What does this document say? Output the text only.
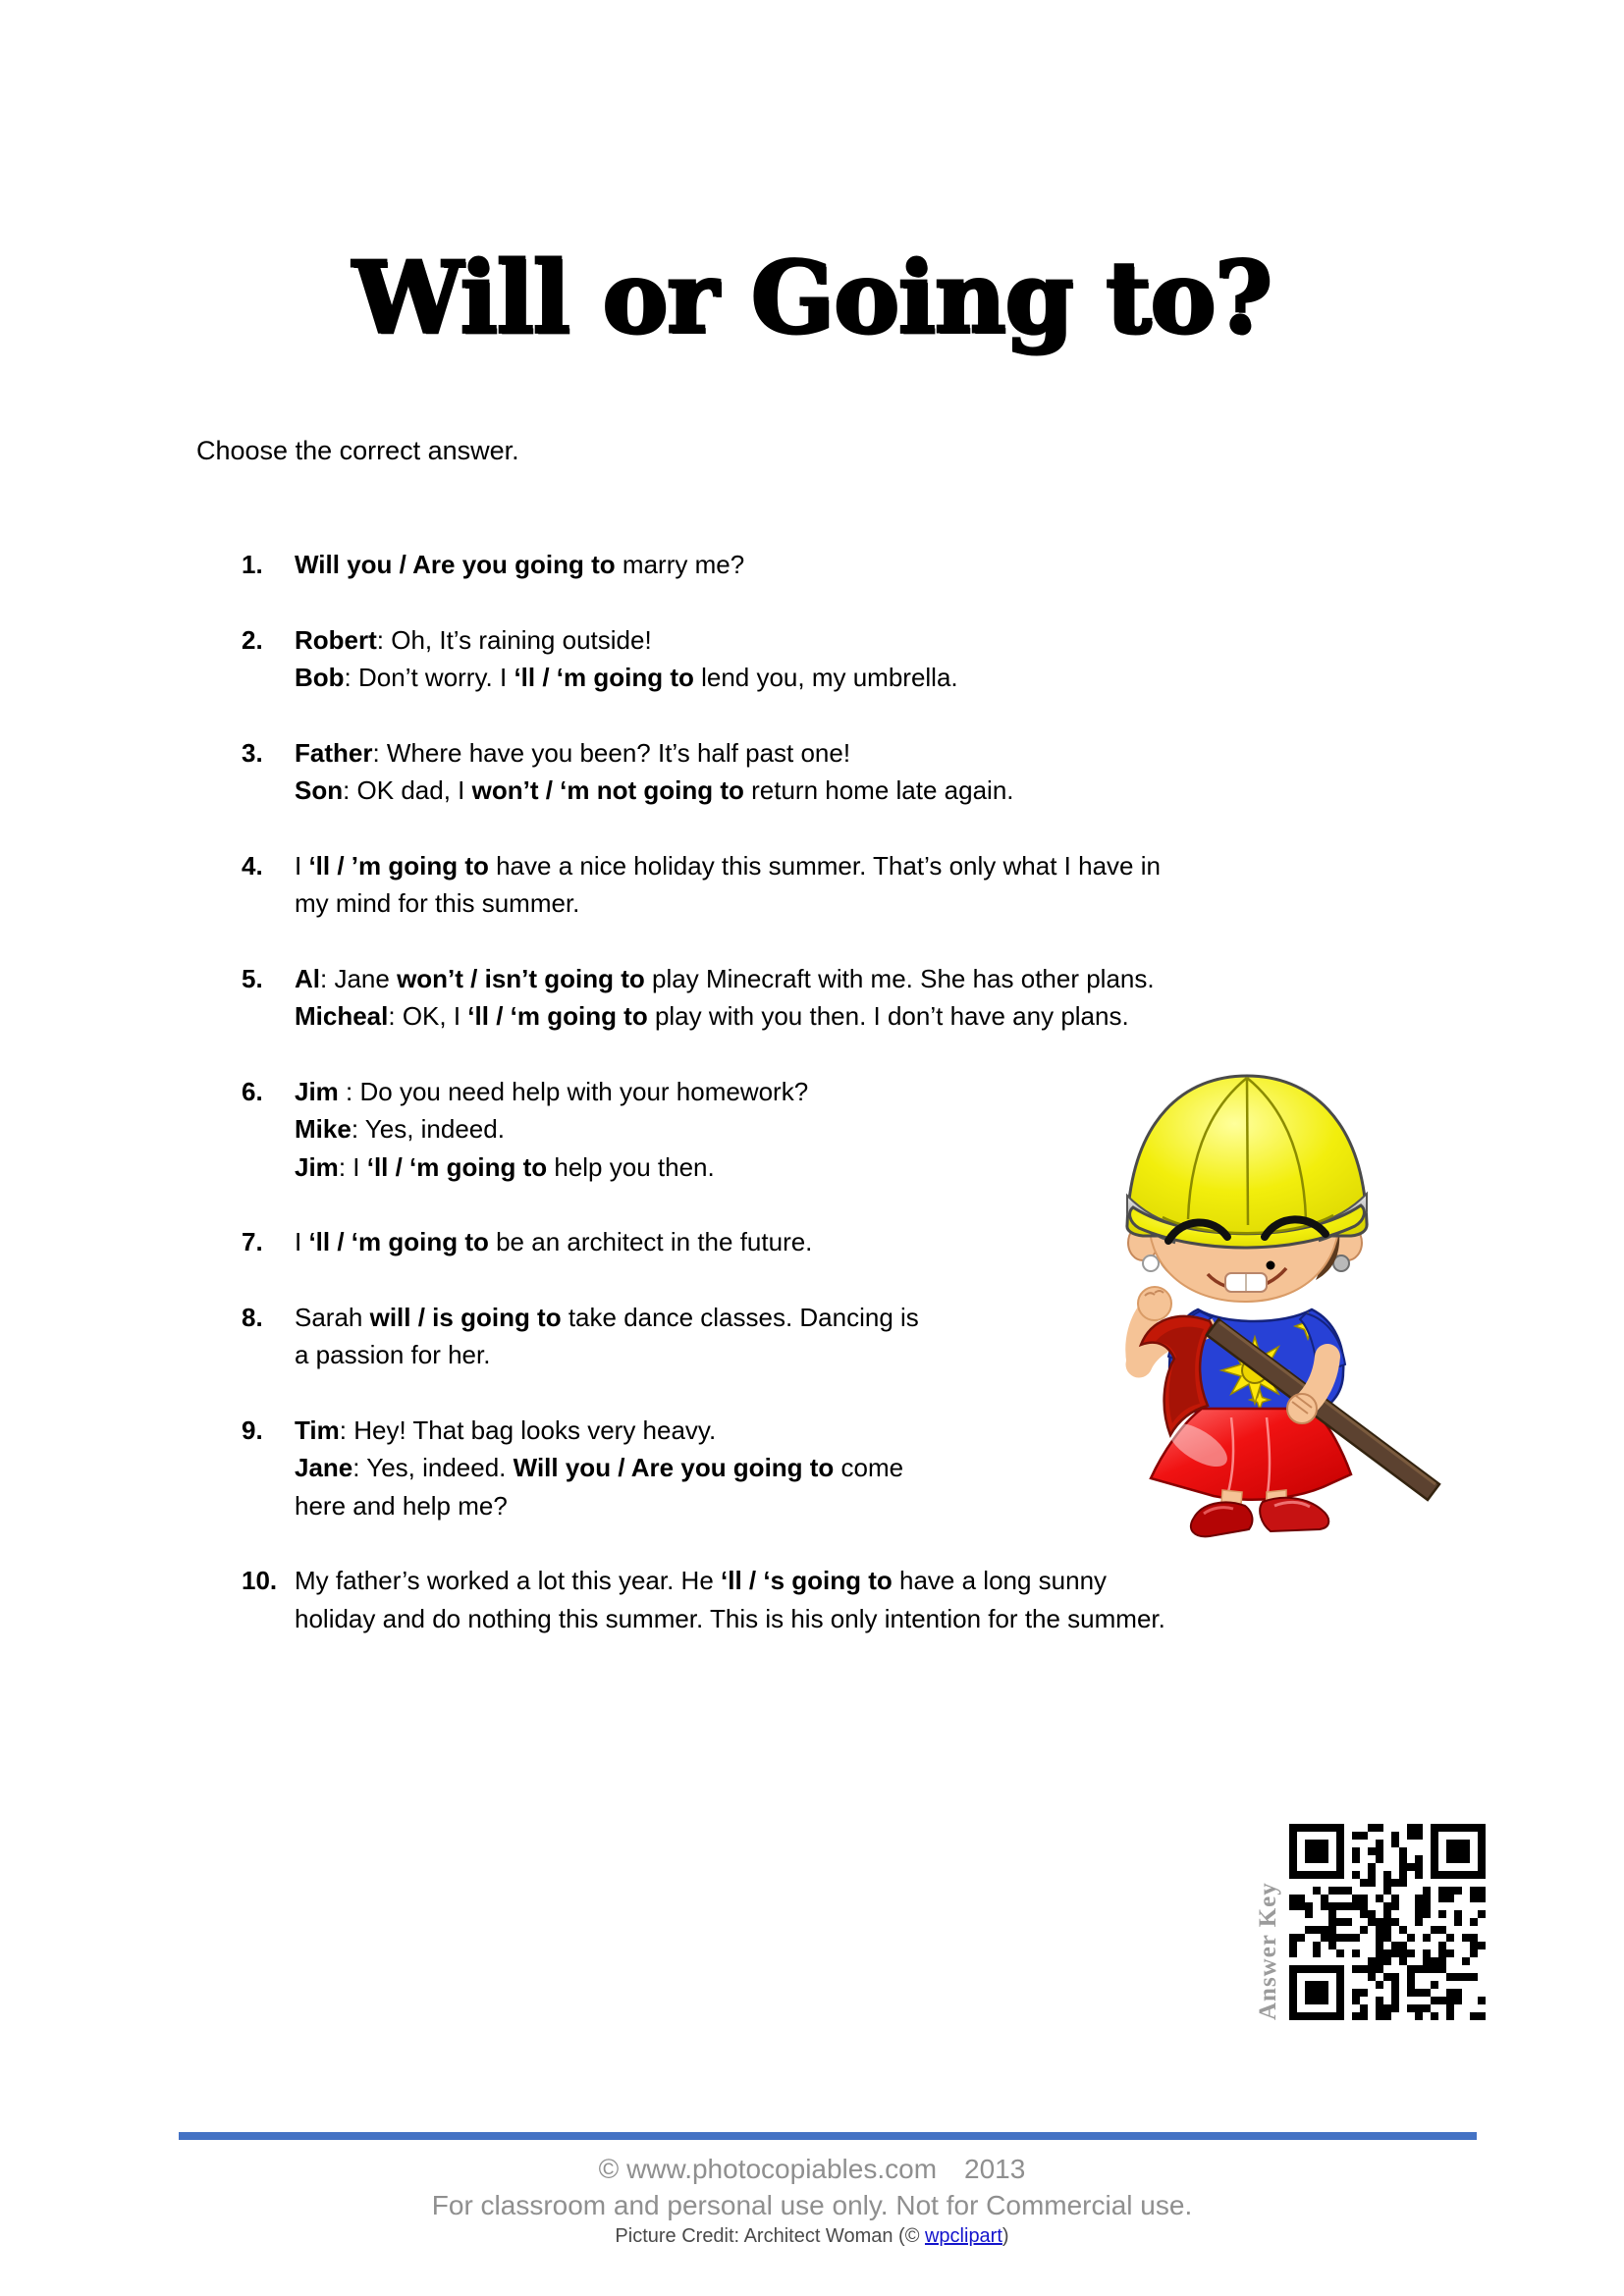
Will or Going to?
Choose the correct answer.
1.	Will you / Are you going to marry me?
2.	Robert: Oh, It’s raining outside!
Bob: Don’t worry. I ‘ll / ‘m going to lend you, my umbrella.
3.	Father: Where have you been? It’s half past one!
Son: OK dad, I won’t / ‘m not going to return home late again.
4.	I ‘ll / ’m going to have a nice holiday this summer. That’s only what I have in
my mind for this summer.
5.	Al: Jane won’t / isn’t going to play Minecraft with me. She has other plans.
Micheal: OK, I ‘ll / ‘m going to play with you then. I don’t have any plans.
6.	Jim : Do you need help with your homework?
Mike: Yes, indeed.
Jim: I ‘ll / ‘m going to help you then.
7.	I ‘ll / ‘m going to be an architect in the future.
8.	Sarah will / is going to take dance classes. Dancing is
a passion for her.
9.	Tim: Hey! That bag looks very heavy.
Jane: Yes, indeed. Will you / Are you going to come
here and help me?
10. My father’s worked a lot this year. He ‘ll / ‘s going to have a long sunny
holiday and do nothing this summer. This is his only intention for the summer.
Answer Key
© www.photocopiables.com 2013
For classroom and personal use only. Not for Commercial use.
Picture Credit: Architect Woman (© wpclipart)
